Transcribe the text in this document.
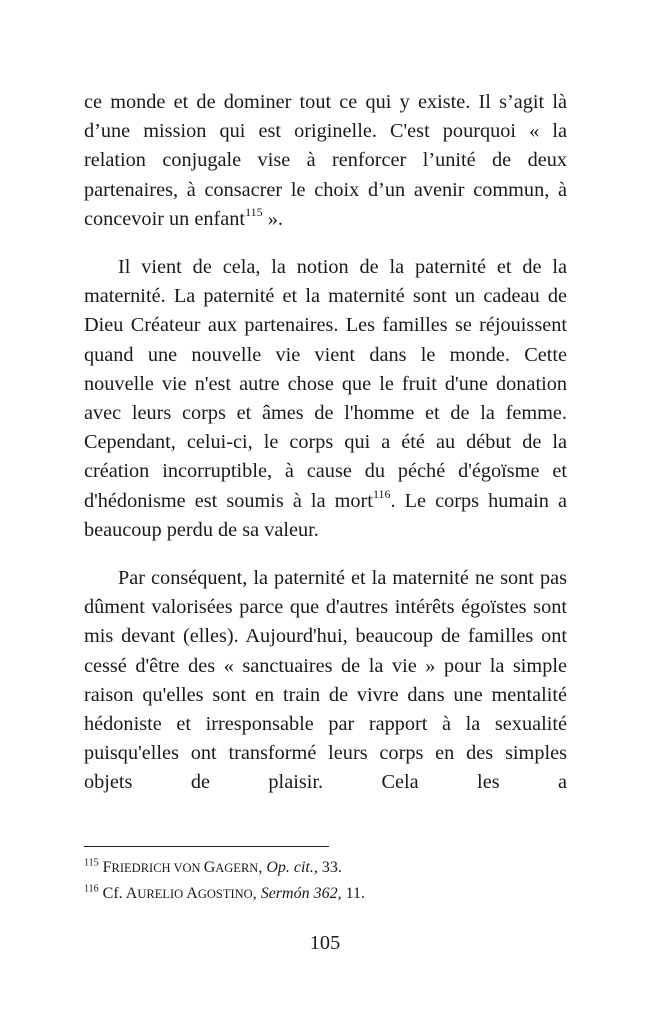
ce monde et de dominer tout ce qui y existe. Il s’agit là d’une mission qui est originelle. C'est pourquoi « la relation conjugale vise à renforcer l’unité de deux partenaires, à consacrer le choix d’un avenir commun, à concevoir un enfant$^{115}$ ».

Il vient de cela, la notion de la paternité et de la maternité. La paternité et la maternité sont un cadeau de Dieu Créateur aux partenaires. Les familles se réjouissent quand une nouvelle vie vient dans le monde. Cette nouvelle vie n'est autre chose que le fruit d'une donation avec leurs corps et âmes de l'homme et de la femme. Cependant, celui-ci, le corps qui a été au début de la création incorruptible, à cause du péché d'égoïsme et d'hédonisme est soumis à la mort$^{116}$. Le corps humain a beaucoup perdu de sa valeur.

Par conséquent, la paternité et la maternité ne sont pas dûment valorisées parce que d'autres intérêts égoïstes sont mis devant (elles). Aujourd'hui, beaucoup de familles ont cessé d'être des « sanctuaires de la vie » pour la simple raison qu'elles sont en train de vivre dans une mentalité hédoniste et irresponsable par rapport à la sexualité puisqu'elles ont transformé leurs corps en des simples objets de plaisir. Cela les a

$^{115}$ FRIEDRICH VON GAGERN, Op. cit., 33.
$^{116}$ Cf. AURELIO AGOSTINO, Sermón 362, 11.
105
